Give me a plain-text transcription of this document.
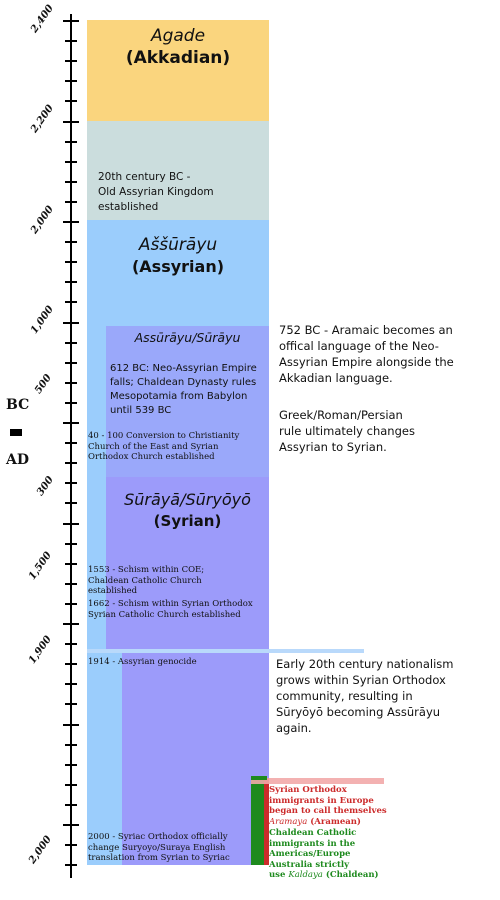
2,400
2,200
2,000
1,000
500
300
1,500
1,900
2,000
BC
AD
Agade
(Akkadian)
20th century BC -
Old Assyrian Kingdom
established
Aššūrāyu
(Assyrian)
Assūrāyu/Sūrāyu
612 BC: Neo-Assyrian Empire
falls; Chaldean Dynasty rules
Mesopotamia from Babylon
until 539 BC
40 - 100 Conversion to Christianity
Church of the East and Syrian
Orthodox Church established
Sūrāyā/Sūryōyō
(Syrian)
1553 - Schism within COE;
Chaldean Catholic Church
established
1662 - Schism within Syrian Orthodox
Syrian Catholic Church established
1914 - Assyrian genocide
2000 - Syriac Orthodox officially
change Suryoyo/Suraya English
translation from Syrian to Syriac
752 BC - Aramaic becomes an
offical language of the Neo-
Assyrian Empire alongside the
Akkadian language.
Greek/Roman/Persian
rule ultimately changes
Assyrian to Syrian.
Early 20th century nationalism
grows within Syrian Orthodox
community, resulting in
Sūryōyō becoming Assūrāyu
again.
Syrian Orthodox
immigrants in Europe
began to call themselves
Aramaya (Aramean)
Chaldean Catholic
immigrants in the
Americas/Europe
Australia strictly
use Kaldaya (Chaldean)
